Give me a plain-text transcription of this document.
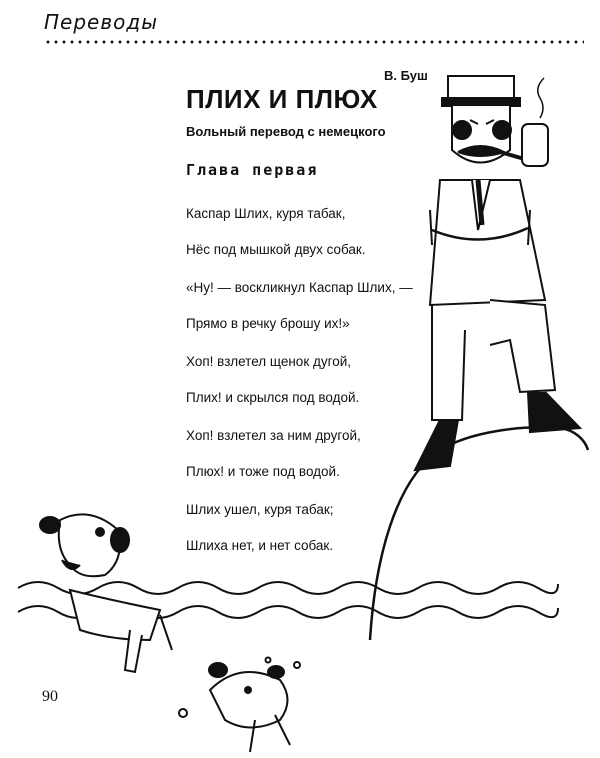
Переводы
В. Буш
ПЛИХ И ПЛЮХ
Вольный перевод с немецкого
Глава первая
Каспар Шлих, куря табак,
Нёс под мышкой двух собак.
«Ну! — воскликнул Каспар Шлих, —
Прямо в речку брошу их!»
Хоп! взлетел щенок дугой,
Плих! и скрылся под водой.
Хоп! взлетел за ним другой,
Плюх! и тоже под водой.
Шлих ушел, куря табак;
Шлиха нет, и нет собак.
90
